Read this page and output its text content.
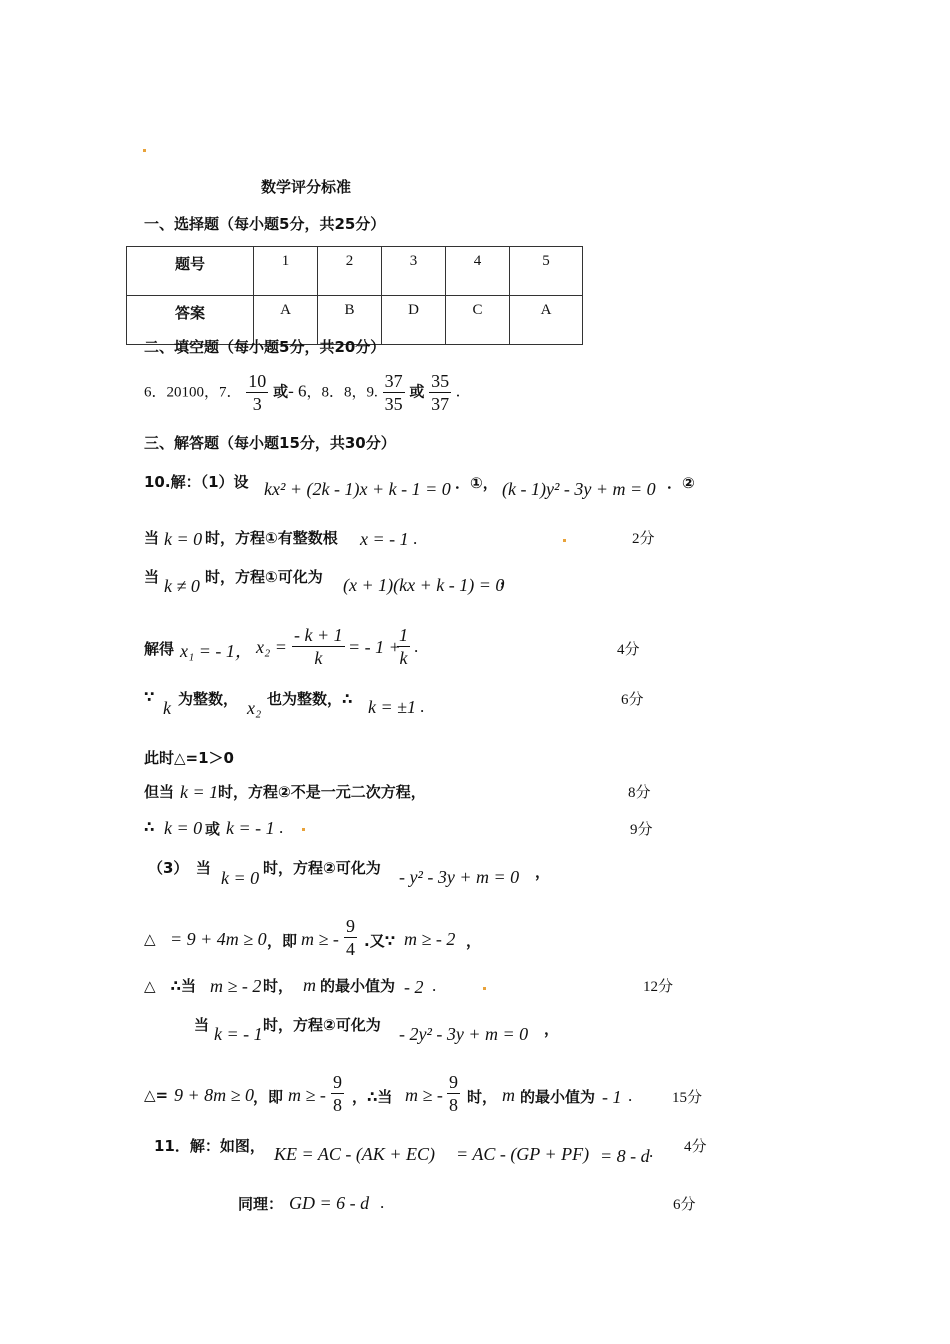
数学评分标准
一、选择题（每小题5分，共25分）
题号	1	2	3	4	5
答案	A	B	D	C	A
二、填空题（每小题5分，共20分）
6．20100，7． $\frac{10}{3}$ 或- 6，8．8，9. $\frac{37}{35}$ 或 $\frac{35}{37}$ .
三、解答题（每小题15分，共30分）
10.解：（1）设 kx² + (2k - 1)x + k - 1 = 0 ．①， (k - 1)y² - 3y + m = 0 ．②
当 k = 0 时，方程①有整数根 x = - 1 .	2分
当 k ≠ 0 时，方程①可化为 (x + 1)(kx + k - 1) = 0
，
解得 x₁ = - 1， $x_2 = \frac{- k + 1}{k}$ = - 1 +
$\frac{1}{k}$ .	4分
∵
k 为整数， x₂ 也为整数，∴ k = ±1 .	6分
此时△=1＞0
但当 k = 1 时，方程②不是一元二次方程，	8分
∴ k = 0 或 k = - 1 .	9分
（3）　当 k = 0 时，方程②可化为 - y² - 3y + m = 0 ，
△ = 9 + 4m ≥ 0 ，即 m ≥ - $\frac{9}{4}$ .又∵ m ≥ - 2 ，
△　∴当 m ≥ - 2 时， m 的最小值为 - 2 .	12分
当 k = - 1 时，方程②可化为 - 2y² - 3y + m = 0 ，
△= 9 + 8m ≥ 0
，即 m ≥ - $\frac{9}{8}$ ，∴当 m ≥ - $\frac{9}{8}$ 时， m 的最小值为 - 1 .	15分
11．解：如图， KE = AC - (AK + EC) = AC - (GP + PF) = 8 - d . 4分
同理： GD = 6 - d .	6分
